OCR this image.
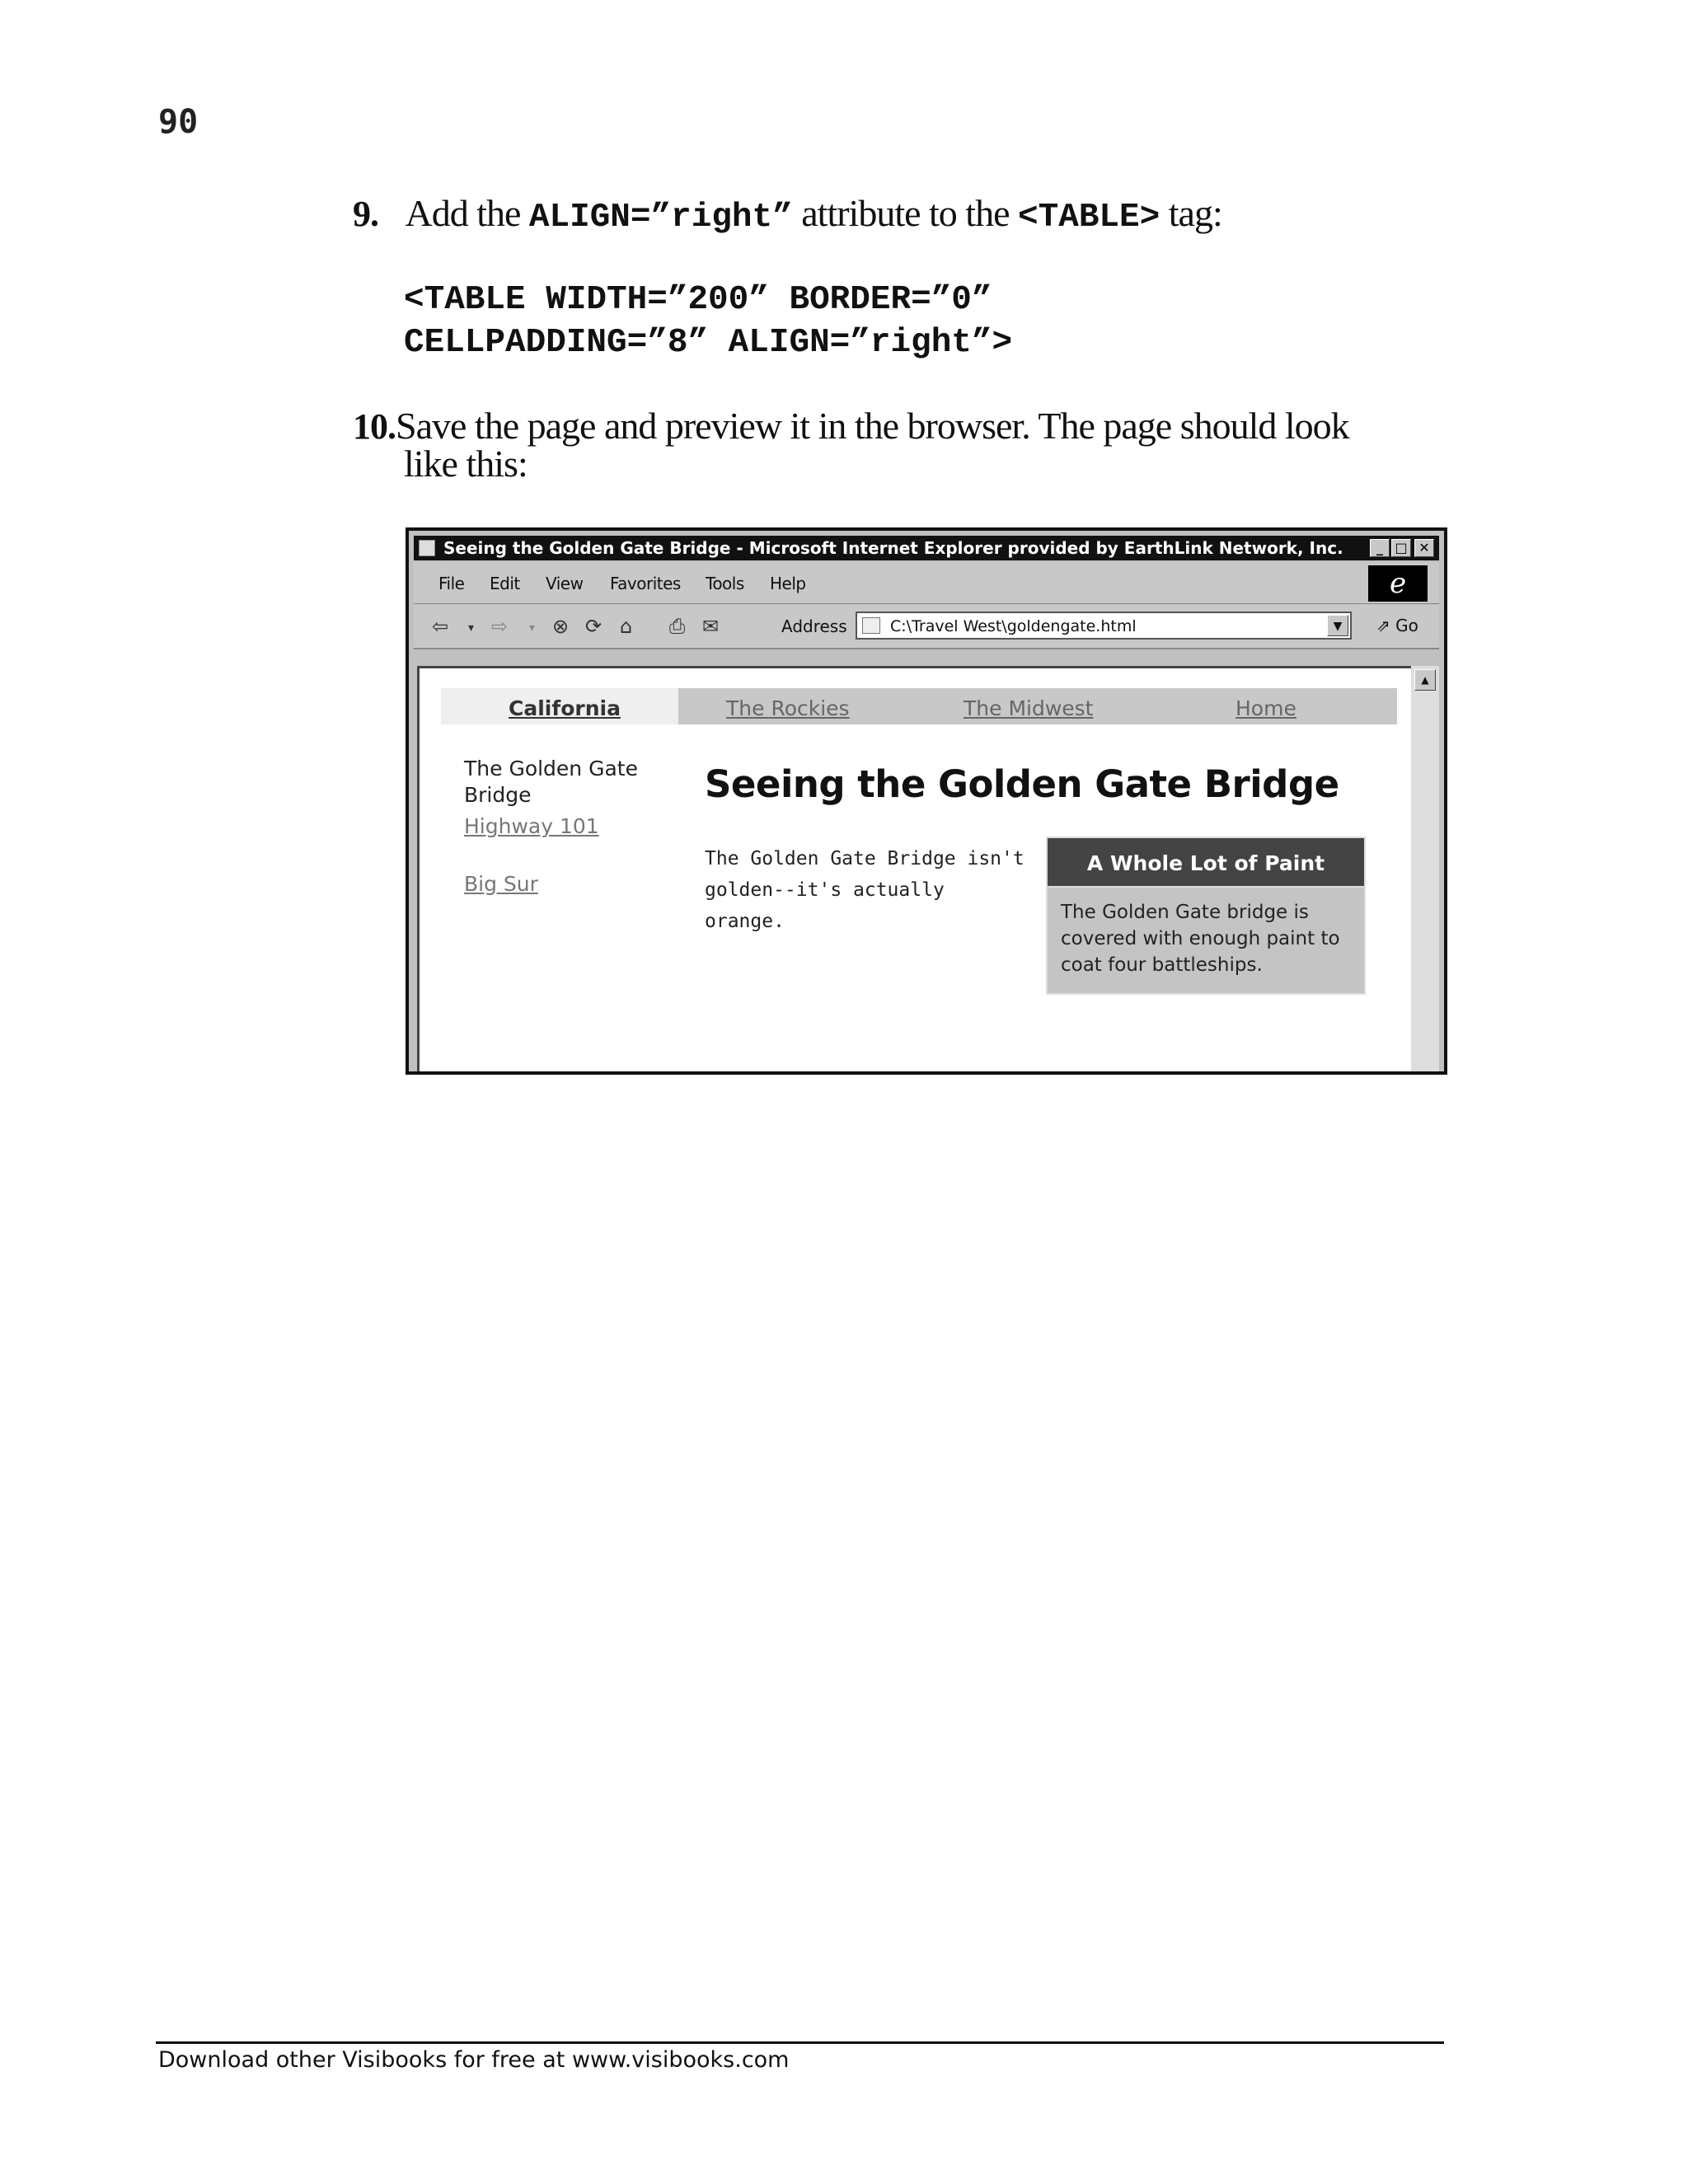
90
9. Add the ALIGN=”right” attribute to the <TABLE> tag:
<TABLE WIDTH=”200” BORDER=”0”
CELLPADDING=”8” ALIGN=”right”>
10.Save the page and preview it in the browser. The page should look
like this:
Seeing the Golden Gate Bridge - Microsoft Internet Explorer provided by EarthLink Network, Inc.	_ □ ✕
File Edit View Favorites Tools Help	e
⇦ ▾ ⇨ ▾ ⊗ ⟳ ⌂ ⎙ ✉	Address	C:\Travel West\goldengate.html	▼	⇗ Go
California	The Rockies	The Midwest	Home
The Golden Gate Bridge
Highway 101
Big Sur
Seeing the Golden Gate Bridge
The Golden Gate Bridge isn't golden--it's actually orange.
A Whole Lot of Paint
The Golden Gate bridge is covered with enough paint to coat four battleships.
▲
Download other Visibooks for free at www.visibooks.com
